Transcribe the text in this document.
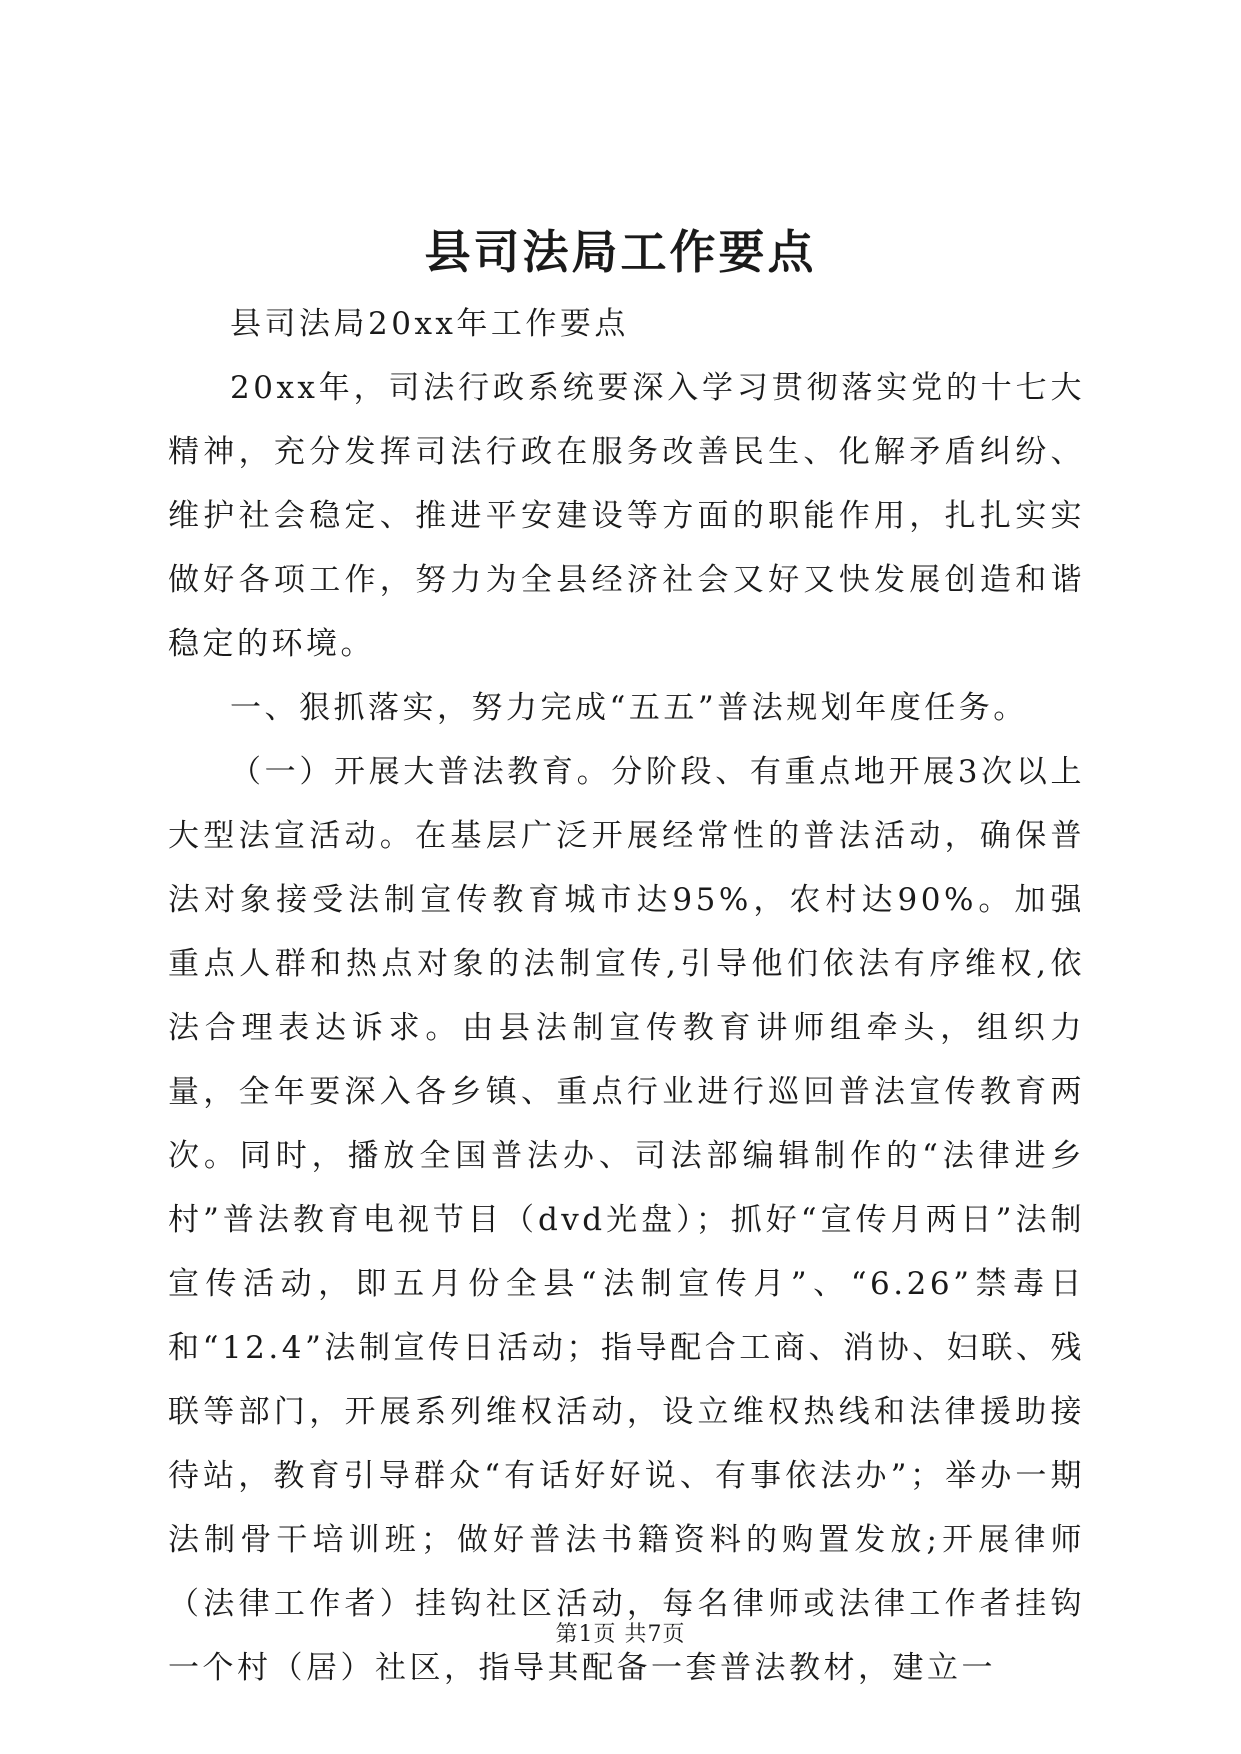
县司法局工作要点

县司法局20xx年工作要点

20xx年，司法行政系统要深入学习贯彻落实党的十七大精神，充分发挥司法行政在服务改善民生、化解矛盾纠纷、维护社会稳定、推进平安建设等方面的职能作用，扎扎实实做好各项工作，努力为全县经济社会又好又快发展创造和谐稳定的环境。

一、狠抓落实，努力完成“五五”普法规划年度任务。

（一）开展大普法教育。分阶段、有重点地开展3次以上大型法宣活动。在基层广泛开展经常性的普法活动，确保普法对象接受法制宣传教育城市达95%，农村达90%。加强重点人群和热点对象的法制宣传,引导他们依法有序维权,依法合理表达诉求。由县法制宣传教育讲师组牵头，组织力量，全年要深入各乡镇、重点行业进行巡回普法宣传教育两次。同时，播放全国普法办、司法部编辑制作的“法律进乡村”普法教育电视节目（dvd光盘）；抓好“宣传月两日”法制宣传活动，即五月份全县“法制宣传月”、“6.26”禁毒日和“12.4”法制宣传日活动；指导配合工商、消协、妇联、残联等部门，开展系列维权活动，设立维权热线和法律援助接待站，教育引导群众“有话好好说、有事依法办”；举办一期法制骨干培训班；做好普法书籍资料的购置发放;开展律师（法律工作者）挂钩社区活动，每名律师或法律工作者挂钩一个村（居）社区，指导其配备一套普法教材，建立一

第1页 共7页
